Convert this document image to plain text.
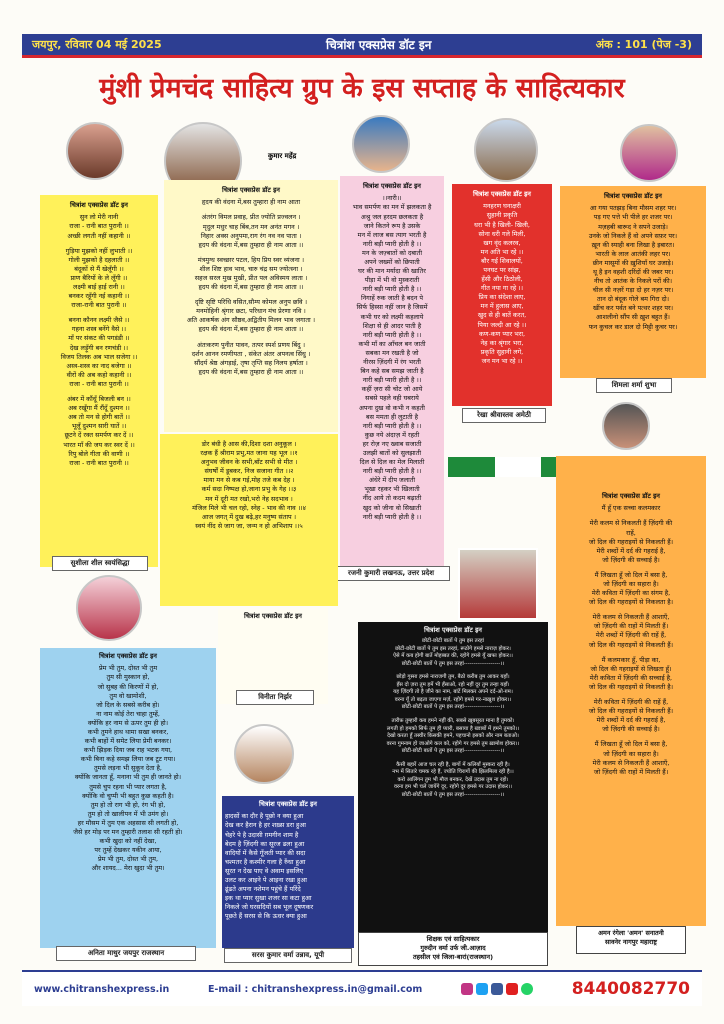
जयपुर, रविवार 04 मई 2025	चित्रांश एक्सप्रेस डॉट इन	अंक : 101 (पेज -3)
मुंशी प्रेमचंद साहित्य ग्रुप के इस सप्ताह के साहित्यकार
चित्रांश एक्सप्रेस डॉट इन
सुन लो मेरी नानी
राजा - रानी बात पुरानी ।।
अच्छी लगती नहीं कहानी ।।
गुड़िया मुझको नहीं लुभाती ।।
गोली मुझको है दहलाती ।।
बंदूकों से मैं खेलूँगी ।।
प्राण बैरियों के ले लूँगी ।।
लक्ष्मी बाई हाई रानी ।।
बनकर रहूँगी नई कहानी ।।
राजा-रानी बात पुरानी ।।
बनना कौनन लक्ष्मी जैसे ।।
गहना शस्त्र बनेंगे वैसे ।।
माँ पर संकट की पगडंडी ।।
देख लड़ूँगी बन रणचंडी ।।
विजय तिलक अब भाल सजेगा ।।
अस्त्र-शस्त्र का नाद बजेगा ।।
वीरों की अब कहो कहानी ।।
राजा - रानी बात पुरानी ।।
अंबर में कौंधूँ बिजली बन ।।
अब रखूँगा मैं रौंदूँ दुश्मन ।।
अब तो मन से होगी बातें ।।
भूलूँ दुश्मन सारी घातें ।।
छूटने दें रक्त समर्पण कर दें ।।
भारत माँ की जय कर स्वर दें ।।
रिपु बोले गीता की वाणी ।।
राजा - रानी बात पुरानी ।।
सुशीला शील स्वयंसिद्धा
कुमार महेंद्र
चित्रांश एक्सप्रेस डॉट इन
हृदय की वंदना में,बस तुम्हारा ही नाम आता
अंतरंग विमल प्रवाह, प्रीत ज्योति प्रज्वलन ।
मृदुल मधुर चाह बिंब,तन मन अनंत मगन ।
निहार अक्स अनुपमा,राग रंग नव नव पाता ।
हृदय की वंदना में,बस तुम्हारा ही नाम आता ।।
मंत्रमुग्ध स्वच्छार पटल, हिय प्रिय स्वर व्यंजना ।
शील शिष्ट हाव भाव, चारु चंद्र सम ज्योत्स्ना ।
सहज सरल मुख मुखी, प्रीत पल अविस्मय लाता ।
हृदय की वंदना में,बस तुम्हारा ही नाम आता ।।
दृष्टि सृष्टि परिधि वसित,सौम्य कोमल अनुप छवि ।
मनमोहिनी श्रृंगार छटा, परिधान मंच प्रेरणा नवि ।
अति आकर्षक अंग सौष्ठव,अद्वितीय मिलन भाव जगाता ।
हृदय की वंदना में,बस तुम्हारा ही नाम आता ।।
अंतःकरण पुनीत पावन, तत्पर स्पर्श प्रणय बिंदु ।
दर्शन आनन रमणीयता , संकेत अंतर अपनत्व सिंधु ।
सौंदर्य श्रेष्ठ अंगड़ाई, तृषा तृप्ति सह निलय हर्षाता ।
हृदय की वंदना में,बस तुम्हारा ही नाम आता ।।
चित्रांश एक्सप्रेस डॉट इन
।।नारी।।
भाव समर्पण का मन में झलकता है
अश्रु जल हरदम छलकता है
जाने कितने रूप है उसके
मन में लाज बस त्याग भरती है
नारी बड़ी प्यारी होती है ।।
मन के जज़्बातों को दबाती
अपने जख्मों को छिपाती
घर की मान मर्यादा की खातिर
पीड़ा में भी वो मुस्कराती
नारी बड़ी प्यारी होती है ।।
निगाहें रुक जाती है बदन पे
सिर्फ हिस्सा नहीं जान है जिसमें
कभी घर को लक्ष्मी कहलाये
शिक्षा से ही आदर पाती है
नारी बड़ी प्यारी होती है ।।
कभी माँ का आँचल बन जाती
सबका मन रखती है जो
नीरस ज़िंदगी में रंग भरती
बिन कहे सब समझ जाती है
नारी बड़ी प्यारी होती है ।।
कहीं ज़रा सी चोट जो आये
सबसे पहले वही घबराये
अपना दुख वो कभी न कहती
बस ममता ही लुटाती है
नारी बड़ी प्यारी होती है ।।
कुछ नये अंदाज़ में रहती
हर रोज़ नए ख्वाब सजाती
उलझी बातों को सुलझाती
दिल से दिल का मेल मिलाती
नारी बड़ी प्यारी होती है ।।
अंधेरे में दीप जलाती
भूखा रहकर भी खिलाती
नींद आये तो कदम बढ़ाती
खुद को जीना वो सिखाती
नारी बड़ी प्यारी होती है ।।
रजनी कुमारी लखनऊ, उत्तर प्रदेश
चित्रांश एक्सप्रेस डॉट इन
मनहरण घनाक्षरी
सुहानी प्रकृति
धरा भी है खिली- खिली,
सोना धरी गले मिली,
खग वृंद कलरव,
मन अति भा रहे ।।
बौर गई शिवालयों,
पनघट पर सांझ,
हँसी और ठिठोली,
गीत नया गा रहे ।।
प्रिय का संदेशा लाए,
मन में हुलास आए,
खुद से ही बातें करत,
पिया जल्दी आ रहे ।।
कण-कण प्यार भरा,
नेह का श्रृंगार भरा,
प्रकृति सुहानी लगे,
जन मन भा रहे ।।
रेखा श्रीवास्तव अमेठी
चित्रांश एक्सप्रेस डॉट इन
आ गया पतझड़ बिना मौसम शहर पर।
पड़ गए पत्ते भी पीले हर शजर पर।
मज़हबी बारूद ने सपने उजाड़े।
उनके जो निकले हैं वो अपने सफ़र पर।
ख़ून की स्याही बना लिखा है इबारत।
भारती के लाल आतंकी लहर पर।
छीन मासूमों की ख़ुशियाँ घर उजाड़े।
थू है इन वहशी दरिंदों की जबर पर।
नीच तो आतंक के निकले परों की।
चील सी नज़रें गड़ा दो हर नज़र पर।
तान दो बंदूक गोले बम गिरा दो।
खींच कर पर्वत बने पत्थर शहर पर।
आशलीनो सौंप सी ख़ुश बहुत हैं।
फन कुचल कर डाल दो मिट्टी कुचर पर।
शिमला शर्मा शुभा
डोर बंधी है आस की,दिशा दशा अनुकूल ।
रक्षक हैं श्रीराम प्रभु,मत जाना यह भूल ।।१
अनुभव जीवन के सभी,बाँट सभी से मीत ।
संघर्षों में डूबकर, निज सजाना गीत ।।२
माया मन से कब गई,मोह तजे कब देह ।
कर्म सदा निष्पक्ष हो,जाना प्रभु के गेह ।।३
मन में दूरी मत रखो,भरो नेह सदभाव ।
मंजिल मिले भी चल रहो, स्नेह - भाव की नाव ।।४
आज जगत् में दुख बढ़े,हर मनुष्य संताप ।
स्वयं नींद से जाग जा, जन्म न हो अभिशाप ।।५
चित्रांश एक्सप्रेस डॉट इन
विनीता निर्झर
चित्रांश एक्सप्रेस डॉट इन
प्रेम भी तुम, दोस्त भी तुम
तुम सी मुस्कान हो,
जो सुबह की किरणों में हो,
तुम वो खामोशी,
जो दिल के सबसे करीब हो।
ना नाम कोई तेरा चाहा तुम्हें,
क्योंकि हर नाम से ऊपर तुम ही हो।
कभी तुमने हाथ थामा सखा बनकर,
कभी बाहों में समेट लिया प्रेमी बनकर।
कभी झिड़क दिया जब राह भटक गया,
कभी बिना कहे समझ लिया जब टूट गया।
तुमसे लड़ना भी सुकून देता है,
क्योंकि जानता हूँ, मनाना भी तुम ही जानते हो।
तुमसे चुप रहना भी प्यार लगता है,
क्योंकि वो चुप्पी भी बहुत कुछ कहती है।
तुम हो तो राग भी हो, रंग भी हो,
तुम हो तो खालीपन में भी उमंग हो।
हर मौसम में तुम एक अहसास सी लगती हो,
जैसे हर मोड़ पर मन तुम्हारी तलाश सी रहती हो।
कभी खुदा को नहीं देखा,
पर तुम्हें देखकर यकीन आया,
प्रेम भी तुम, दोस्त भी तुम,
और शायद... मेरा खुदा भी तुम।
अनिता माथुर जयपुर राजस्थान
चित्रांश एक्सप्रेस डॉट इन
हादसों का दौर है पूछो न क्या हुआ
देख कर हैरान है हर शख़्स डरा हुआ
चेहरे पे है उदासी ग़मगीन शाम है
बेदम है ज़िंदगी का सूरज ढला हुआ
वादियों में कैसे गूँजती प्यार की सदा
चश्मतर है कश्मीर गला है रुँधा हुआ
सूरत न देख पाए वे अवाम इसलिए
उलट कर आइने पे आइना रखा हुआ
ढूंढते अपना नशेमन पहुंचे हैं परिंदे
इक था प्यार सुखा शजर सा कटा हुआ
निकले जो घरसदियों सब भूल दूषणकर
पूछते हैं सरस से कि ऊधर क्या हुआ
सरस कुमार वर्मा उन्नाव, यूपी
चित्रांश एक्सप्रेस डॉट इन
छोटी-छोटी बातों पे तुम इस तरहां
छोटी-छोटी बातों पे तुम इस तरहां, रूठोगे हमसे नाराज़ होकर।
ऐसे में कब होगी बातें मोहब्बत की, रहोगे हमसे यूँ खफा होकर।।
छोटी-छोटी बातों पे तुम इस तरहां-------------------।।
छोड़ो गुस्सा हमसे नाराजगी तुम, बैठो करीब तुम आकर यहाँ।
हँस दो ज़रा तुम हमें भी हँसाओ, रहो नहीं दूर तुम तन्हा यहाँ।
यह ज़िंदगी तो है जीने का नाम, बांटें मिलकर अपने दर्द-ओ-ग़म।
वरना यूँ तो बढ़ता जाएगा मर्ज़, रहोगे हमसे गर-नाख़ुश होकर।।
छोटी-छोटी बातों पे तुम इस तरहां-------------------।।
तारीफ़ तुम्हारी कब हमने नहीं की, सबसे ख़ूबसूरत माना है तुमको।
लगती हो हमको सिर्फ तुम ही प्यारी, बसाया है ख्वाबों में हमने तुमको।।
देखो करता हूँ तस्वीर किसकी हमने, पहचानो इसको और नाम बताओ।
वरना गुमनाम हो जाओगे कल को, रहोगे गर हमसे तुम ख़ामोश होकर।।
छोटी-छोटी बातों पे तुम इस तरहां-------------------।।
कैसी बहारें आज चल रही है, बागों में कलियाँ मुस्करा रही है।
नभ में सितारे चमक रहे हैं, ज्योति चिरागों की झिलमिला रही है।।
करो आलिंगन तुम भी मौज बनकर, देखें उदास तुम ना रहो।
वरना हम भी चले जायेंगे दूर, रहोगे दूर हमसे गर उदास होकर।।
छोटी-छोटी बातों पे तुम इस तरहां-------------------।।
शिक्षक एवं साहित्यकार
गुरुदीन वर्मा उर्फ जी.आज़ाद
तहसील एवं जिला-बारां(राजस्थान)
चित्रांश एक्सप्रेस डॉट इन
मैं हूँ एक सच्चा कलमकार
मेरी कलम से निकलती हैं ज़िंदगी की
राहें,
जो दिल की गहराइयों से निकलती हैं।
मेरी शब्दों में दर्द की गहराई है,
जो ज़िंदगी की सच्चाई है।
मैं लिखता हूँ जो दिल में बसा है,
जो ज़िंदगी का सहारा है।
मेरी कविता में ज़िंदगी का संगम है,
जो दिल की गहराइयों से निकलता है।
मेरी कलम से निकलती हैं आशाएँ,
जो ज़िंदगी की राहों में मिलती हैं।
मेरी शब्दों में ज़िंदगी की राहें हैं,
जो दिल की गहराइयों से निकलती हैं।
मैं कलमकार हूँ, पीड़ा का,
जो दिल की गहराइयों से लिखता हूँ।
मेरी कविता में ज़िंदगी की सच्चाई है,
जो दिल की गहराइयों से निकलती है।
मेरी कविता में ज़िंदगी की राहें हैं,
जो दिल की गहराइयों से निकलती हैं।
मेरी शब्दों में दर्द की गहराई है,
जो ज़िंदगी की सच्चाई है।
मैं लिखता हूँ जो दिल में बसा है,
जो ज़िंदगी का सहारा है।
मेरी कलम से निकलती हैं आशाएँ,
जो ज़िंदगी की राहों में मिलती हैं।
अमन रंगेला 'अमन' सनातनी
सावनेर नागपुर महाराष्ट्र
www.chitranshexpress.in	E-mail : chitranshexpress.in@gmail.com	8440082770
